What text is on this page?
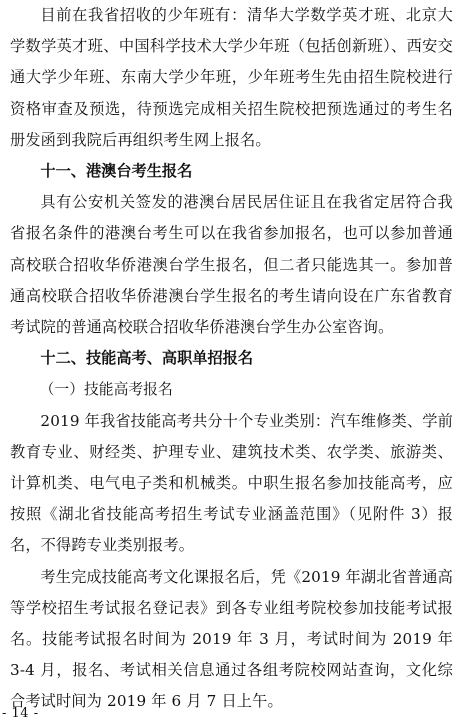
目前在我省招收的少年班有：清华大学数学英才班、北京大学数学英才班、中国科学技术大学少年班（包括创新班）、西安交通大学少年班、东南大学少年班，少年班考生先由招生院校进行资格审查及预选，待预选完成相关招生院校把预选通过的考生名册发函到我院后再组织考生网上报名。

十一、港澳台考生报名

具有公安机关签发的港澳台居民居住证且在我省定居符合我省报名条件的港澳台考生可以在我省参加报名，也可以参加普通高校联合招收华侨港澳台学生报名，但二者只能选其一。参加普通高校联合招收华侨港澳台学生报名的考生请向设在广东省教育考试院的普通高校联合招收华侨港澳台学生办公室咨询。

十二、技能高考、高职单招报名

（一）技能高考报名

2019 年我省技能高考共分十个专业类别：汽车维修类、学前教育专业、财经类、护理专业、建筑技术类、农学类、旅游类、计算机类、电气电子类和机械类。中职生报名参加技能高考，应按照《湖北省技能高考招生考试专业涵盖范围》（见附件 3）报名，不得跨专业类别报考。

考生完成技能高考文化课报名后，凭《2019 年湖北省普通高等学校招生考试报名登记表》到各专业组考院校参加技能考试报名。技能考试报名时间为 2019 年 3 月，考试时间为 2019 年 3-4 月，报名、考试相关信息通过各组考院校网站查询，文化综合考试时间为 2019 年 6 月 7 日上午。

- 14 -
